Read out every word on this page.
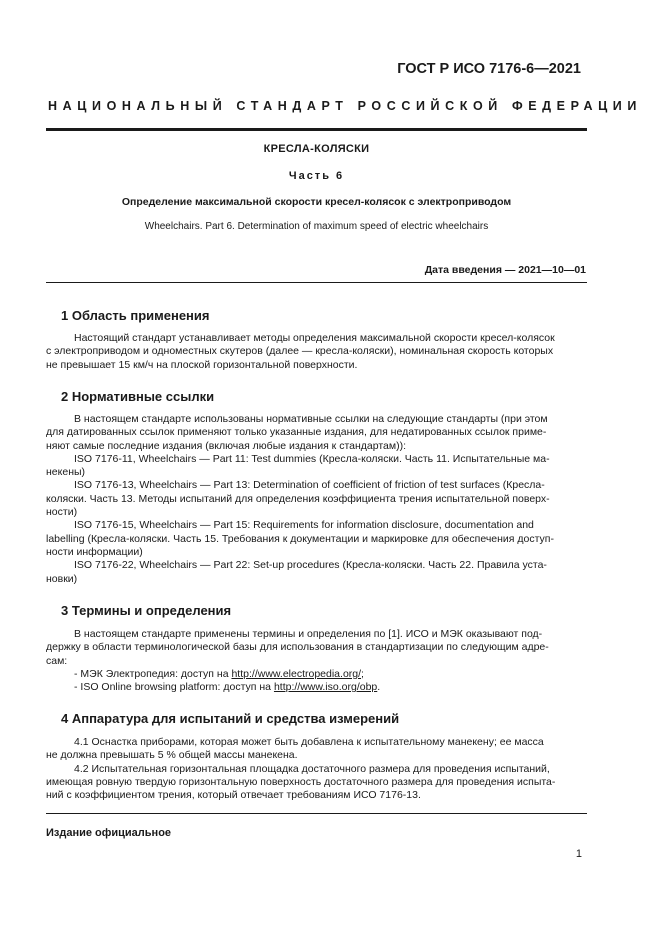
ГОСТ Р ИСО 7176-6—2021
НАЦИОНАЛЬНЫЙ СТАНДАРТ РОССИЙСКОЙ ФЕДЕРАЦИИ
КРЕСЛА-КОЛЯСКИ
Часть 6
Определение максимальной скорости кресел-колясок с электроприводом
Wheelchairs. Part 6. Determination of maximum speed of electric wheelchairs
Дата введения — 2021—10—01
1 Область применения
Настоящий стандарт устанавливает методы определения максимальной скорости кресел-колясок
с электроприводом и одноместных скутеров (далее — кресла-коляски), номинальная скорость которых
не превышает 15 км/ч на плоской горизонтальной поверхности.
2 Нормативные ссылки
В настоящем стандарте использованы нормативные ссылки на следующие стандарты (при этом
для датированных ссылок применяют только указанные издания, для недатированных ссылок приме-
няют самые последние издания (включая любые издания к стандартам)):
ISO 7176-11, Wheelchairs — Part 11: Test dummies (Кресла-коляски. Часть 11. Испытательные ма-
некены)
ISO 7176-13, Wheelchairs — Part 13: Determination of coefficient of friction of test surfaces (Кресла-
коляски. Часть 13. Методы испытаний для определения коэффициента трения испытательной поверх-
ности)
ISO 7176-15, Wheelchairs — Part 15: Requirements for information disclosure, documentation and
labelling (Кресла-коляски. Часть 15. Требования к документации и маркировке для обеспечения доступ-
ности информации)
ISO 7176-22, Wheelchairs — Part 22: Set-up procedures (Кресла-коляски. Часть 22. Правила уста-
новки)
3 Термины и определения
В настоящем стандарте применены термины и определения по [1]. ИСО и МЭК оказывают под-
держку в области терминологической базы для использования в стандартизации по следующим адре-
сам:
- МЭК Электропедия: доступ на http://www.electropedia.org/;
- ISO Online browsing platform: доступ на http://www.iso.org/obp.
4 Аппаратура для испытаний и средства измерений
4.1 Оснастка приборами, которая может быть добавлена к испытательному манекену; ее масса
не должна превышать 5 % общей массы манекена.
4.2 Испытательная горизонтальная площадка достаточного размера для проведения испытаний,
имеющая ровную твердую горизонтальную поверхность достаточного размера для проведения испыта-
ний с коэффициентом трения, который отвечает требованиям ИСО 7176-13.
Издание официальное
1
